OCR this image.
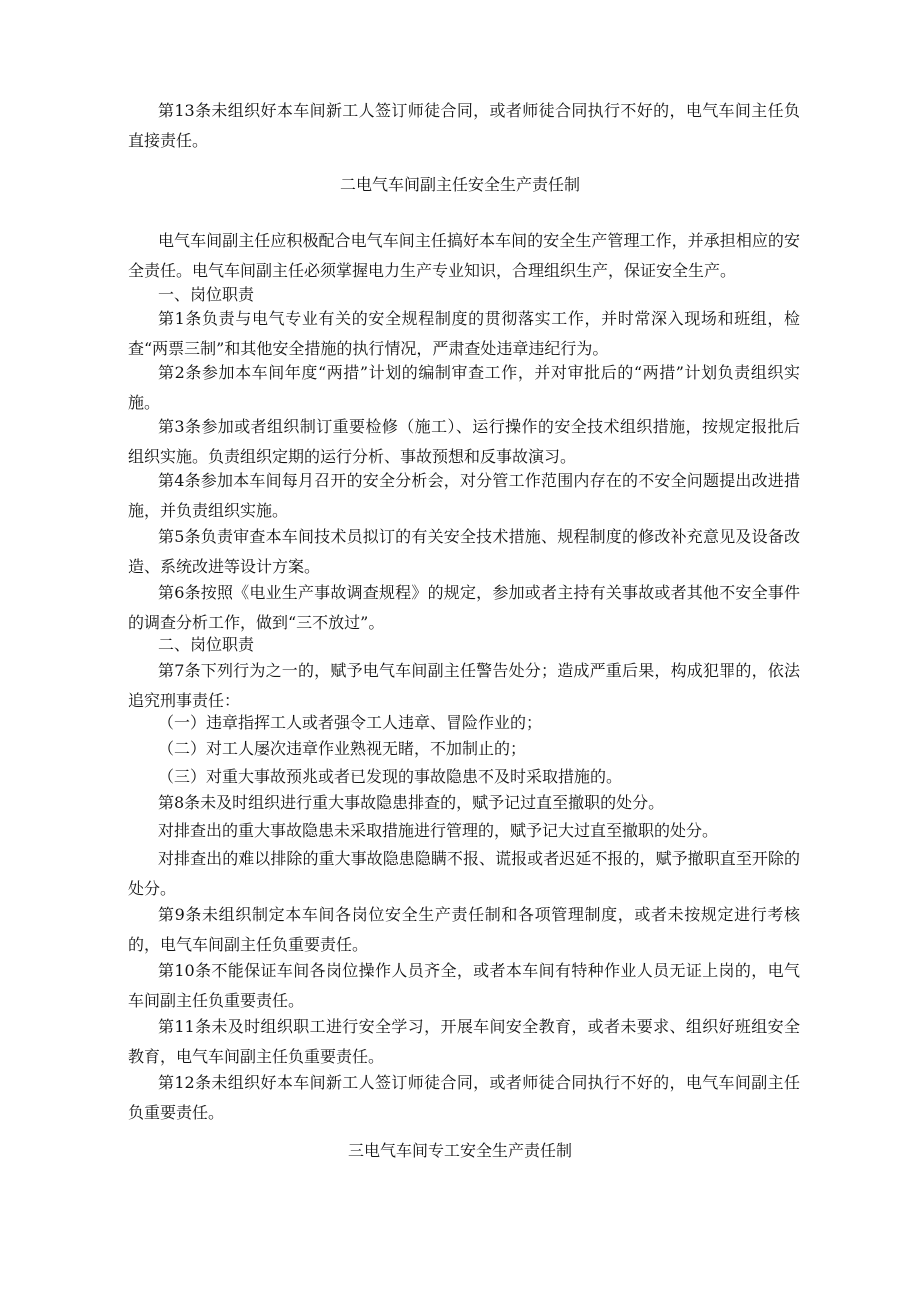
第13条未组织好本车间新工人签订师徒合同，或者师徒合同执行不好的，电气车间主任负直接责任。

二电气车间副主任安全生产责任制

电气车间副主任应积极配合电气车间主任搞好本车间的安全生产管理工作，并承担相应的安全责任。电气车间副主任必须掌握电力生产专业知识，合理组织生产，保证安全生产。

一、岗位职责

第1条负责与电气专业有关的安全规程制度的贯彻落实工作，并时常深入现场和班组，检查“两票三制”和其他安全措施的执行情况，严肃查处违章违纪行为。

第2条参加本车间年度“两措”计划的编制审查工作，并对审批后的“两措”计划负责组织实施。

第3条参加或者组织制订重要检修（施工）、运行操作的安全技术组织措施，按规定报批后组织实施。负责组织定期的运行分析、事故预想和反事故演习。

第4条参加本车间每月召开的安全分析会，对分管工作范围内存在的不安全问题提出改进措施，并负责组织实施。

第5条负责审查本车间技术员拟订的有关安全技术措施、规程制度的修改补充意见及设备改造、系统改进等设计方案。

第6条按照《电业生产事故调查规程》的规定，参加或者主持有关事故或者其他不安全事件的调查分析工作，做到“三不放过”。

二、岗位职责

第7条下列行为之一的，赋予电气车间副主任警告处分；造成严重后果，构成犯罪的，依法追究刑事责任：

（一）违章指挥工人或者强令工人违章、冒险作业的；

（二）对工人屡次违章作业熟视无睹，不加制止的；

（三）对重大事故预兆或者已发现的事故隐患不及时采取措施的。

第8条未及时组织进行重大事故隐患排查的，赋予记过直至撤职的处分。

对排查出的重大事故隐患未采取措施进行管理的，赋予记大过直至撤职的处分。

对排查出的难以排除的重大事故隐患隐瞒不报、谎报或者迟延不报的，赋予撤职直至开除的处分。

第9条未组织制定本车间各岗位安全生产责任制和各项管理制度，或者未按规定进行考核的，电气车间副主任负重要责任。

第10条不能保证车间各岗位操作人员齐全，或者本车间有特种作业人员无证上岗的，电气车间副主任负重要责任。

第11条未及时组织职工进行安全学习，开展车间安全教育，或者未要求、组织好班组安全教育，电气车间副主任负重要责任。

第12条未组织好本车间新工人签订师徒合同，或者师徒合同执行不好的，电气车间副主任负重要责任。

三电气车间专工安全生产责任制
